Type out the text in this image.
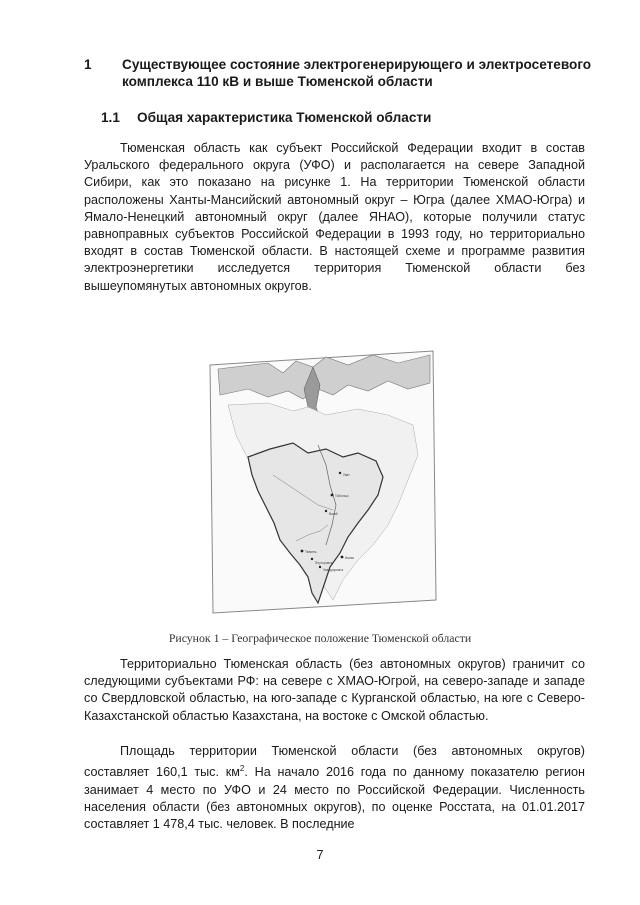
1 Существующее состояние электрогенерирующего и электросетевого комплекса 110 кВ и выше Тюменской области
1.1 Общая характеристика Тюменской области

Тюменская область как субъект Российской Федерации входит в состав Уральского федерального округа (УФО) и располагается на севере Западной Сибири, как это показано на рисунке 1. На территории Тюменской области расположены Ханты-Мансийский автономный округ – Югра (далее ХМАО-Югра) и Ямало-Ненецкий автономный округ (далее ЯНАО), которые получили статус равноправных субъектов Российской Федерации в 1993 году, но территориально входят в состав Тюменской области. В настоящей схеме и программе развития электроэнергетики исследуется территория Тюменской области без вышеупомянутых автономных округов.

Тюмень
Тобольск
Ишим
Ялуторовск
Заводоуковск
Вагай
Уват
Рисунок 1 – Географическое положение Тюменской области

Территориально Тюменская область (без автономных округов) граничит со следующими субъектами РФ: на севере с ХМАО-Югрой, на северо-западе и западе со Свердловской областью, на юго-западе с Курганской областью, на юге с Северо-Казахстанской областью Казахстана, на востоке с Омской областью.

Площадь территории Тюменской области (без автономных округов) составляет 160,1 тыс. $км^2$. На начало 2016 года по данному показателю регион занимает 4 место по УФО и 24 место по Российской Федерации. Численность населения области (без автономных округов), по оценке Росстата, на 01.01.2017 составляет 1 478,4 тыс. человек. В последние

7
